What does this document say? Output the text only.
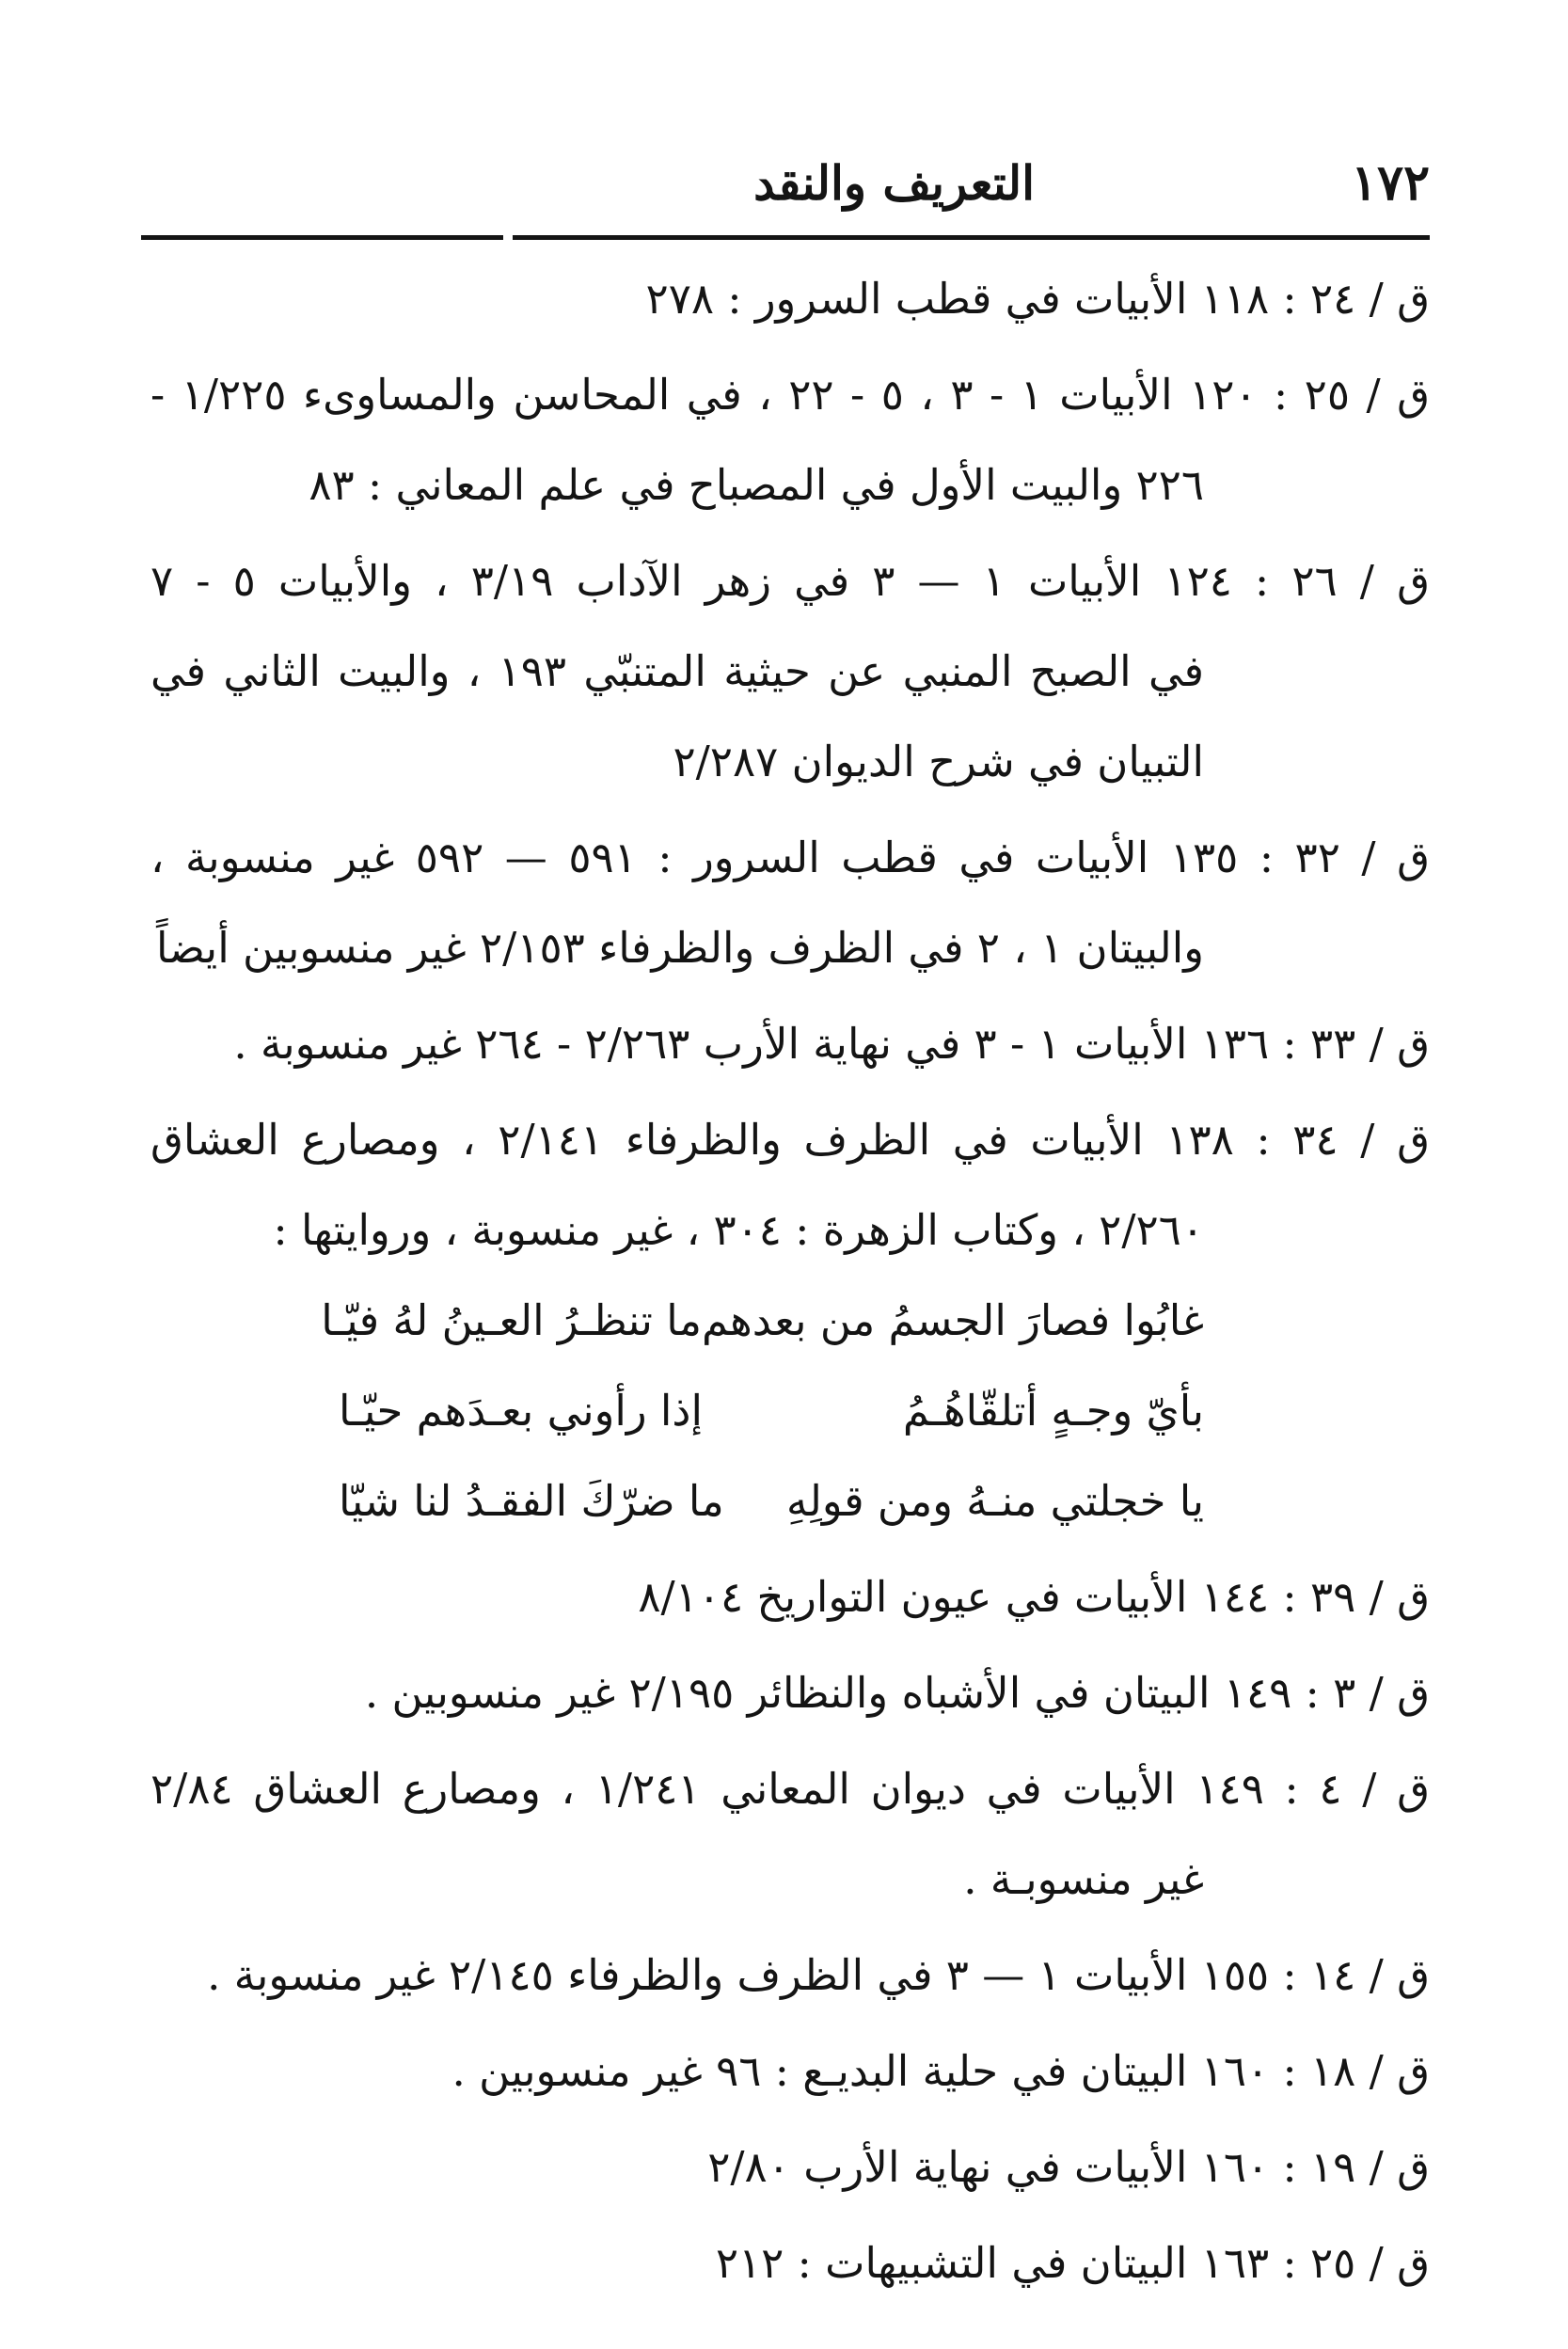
١٧٢
التعريف والنقد
ق / ٢٤ : ١١٨ الأبيات في قطب السرور : ٢٧٨
ق / ٢٥ : ١٢٠ الأبيات ١ - ٣ ، ٥ - ٢٢ ، في المحاسن والمساوىء ١/٢٢٥ -
٢٢٦ والبيت الأول في المصباح في علم المعاني : ٨٣
ق / ٢٦ : ١٢٤ الأبيات ١ — ٣ في زهر الآداب ٣/١٩ ، والأبيات ٥ - ٧
في الصبح المنبي عن حيثية المتنبّي ١٩٣ ، والبيت الثاني في
التبيان في شرح الديوان ٢/٢٨٧
ق / ٣٢ : ١٣٥ الأبيات في قطب السرور : ٥٩١ — ٥٩٢ غير منسوبة ،
والبيتان ١ ، ٢ في الظرف والظرفاء ٢/١٥٣ غير منسوبين أيضاً
ق / ٣٣ : ١٣٦ الأبيات ١ - ٣ في نهاية الأرب ٢/٢٦٣ - ٢٦٤ غير منسوبة .
ق / ٣٤ : ١٣٨ الأبيات في الظرف والظرفاء ٢/١٤١ ، ومصارع العشاق
٢/٢٦٠ ، وكتاب الزهرة : ٣٠٤ ، غير منسوبة ، وروايتها :
غابُوا فصارَ الجسمُ من بعدهم
ما تنظـرُ العـينُ لهُ فيّـا
بأيّ وجـهٍ أتلقّاهُـمُ
إذا رأوني بعـدَهم حيّـا
يا خجلتي منـهُ ومن قولِهِ
ما ضرّكَ الفقـدُ لنا شيّا
ق / ٣٩ : ١٤٤ الأبيات في عيون التواريخ ٨/١٠٤
ق / ٣ : ١٤٩ البيتان في الأشباه والنظائر ٢/١٩٥ غير منسوبين .
ق / ٤ : ١٤٩ الأبيات في ديوان المعاني ١/٢٤١ ، ومصارع العشاق ٢/٨٤
غير منسوبـة .
ق / ١٤ : ١٥٥ الأبيات ١ — ٣ في الظرف والظرفاء ٢/١٤٥ غير منسوبة .
ق / ١٨ : ١٦٠ البيتان في حلية البديـع : ٩٦ غير منسوبين .
ق / ١٩ : ١٦٠ الأبيات في نهاية الأرب ٢/٨٠
ق / ٢٥ : ١٦٣ البيتان في التشبيهات : ٢١٢
